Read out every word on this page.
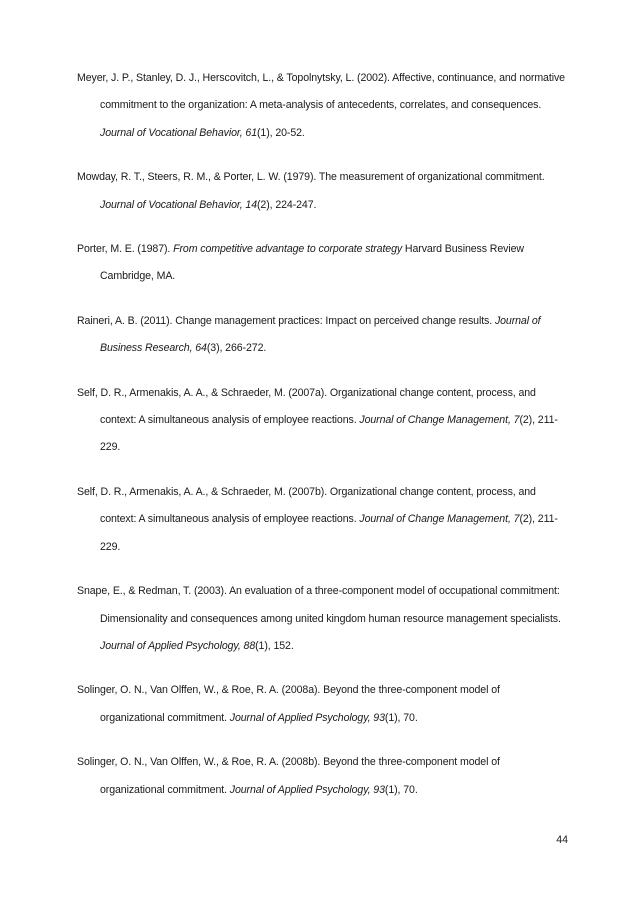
Meyer, J. P., Stanley, D. J., Herscovitch, L., & Topolnytsky, L. (2002). Affective, continuance, and normative commitment to the organization: A meta-analysis of antecedents, correlates, and consequences. Journal of Vocational Behavior, 61(1), 20-52.

Mowday, R. T., Steers, R. M., & Porter, L. W. (1979). The measurement of organizational commitment. Journal of Vocational Behavior, 14(2), 224-247.

Porter, M. E. (1987). From competitive advantage to corporate strategy Harvard Business Review Cambridge, MA.

Raineri, A. B. (2011). Change management practices: Impact on perceived change results. Journal of Business Research, 64(3), 266-272.

Self, D. R., Armenakis, A. A., & Schraeder, M. (2007a). Organizational change content, process, and context: A simultaneous analysis of employee reactions. Journal of Change Management, 7(2), 211-229.

Self, D. R., Armenakis, A. A., & Schraeder, M. (2007b). Organizational change content, process, and context: A simultaneous analysis of employee reactions. Journal of Change Management, 7(2), 211-229.

Snape, E., & Redman, T. (2003). An evaluation of a three-component model of occupational commitment: Dimensionality and consequences among united kingdom human resource management specialists. Journal of Applied Psychology, 88(1), 152.

Solinger, O. N., Van Olffen, W., & Roe, R. A. (2008a). Beyond the three-component model of organizational commitment. Journal of Applied Psychology, 93(1), 70.

Solinger, O. N., Van Olffen, W., & Roe, R. A. (2008b). Beyond the three-component model of organizational commitment. Journal of Applied Psychology, 93(1), 70.

44
